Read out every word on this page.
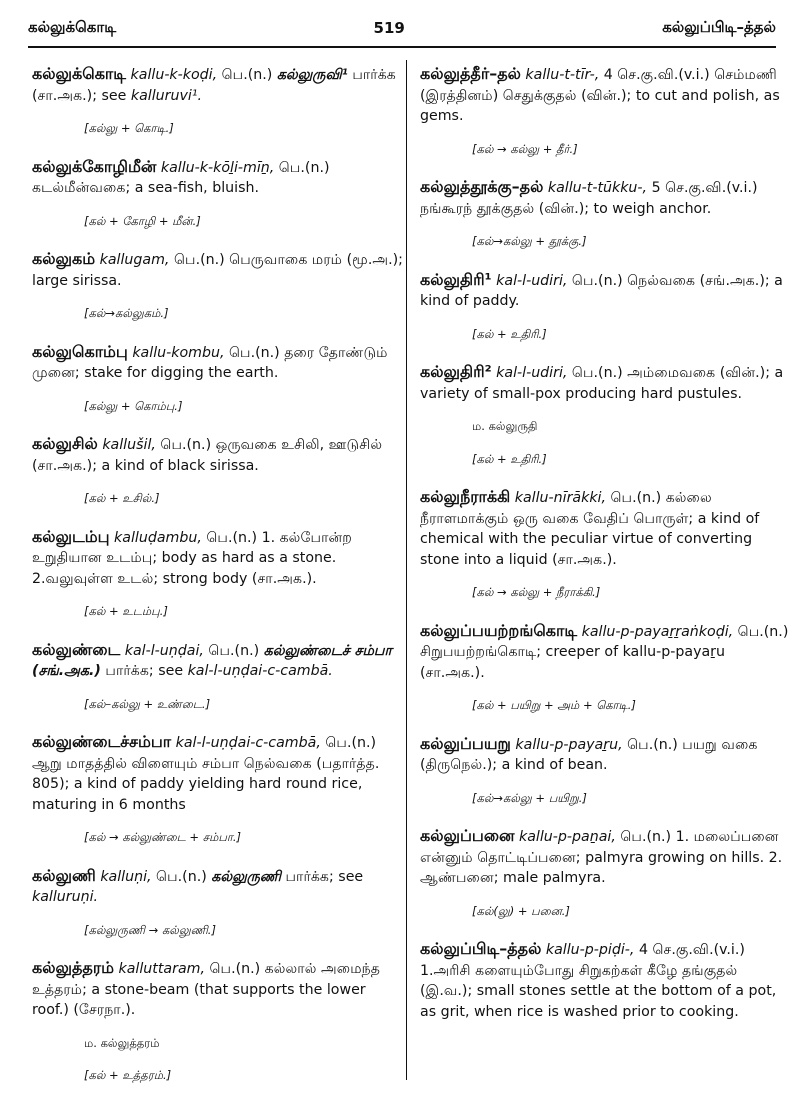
கல்லுக்கொடி	519	கல்லுப்பிடி–த்தல்

கல்லுக்கொடி kallu-k-koḍi, பெ.(n.) கல்லுருவி¹ பார்க்க (சா.அக.); see kalluruvi¹.

[கல்லு + கொடி.]

கல்லுக்கோழிமீன் kallu-k-kōḻi-mīṉ, பெ.(n.) கடல்மீன்வகை; a sea-fish, bluish.

[கல் + கோழி + மீன்.]

கல்லுகம் kallugam, பெ.(n.) பெருவாகை மரம் (மூ.அ.); large sirissa.

[கல்→கல்லுகம்.]

கல்லுகொம்பு kallu-kombu, பெ.(n.) தரை தோண்டும் முனை; stake for digging the earth.

[கல்லு + கொம்பு.]

கல்லுசில் kallušil, பெ.(n.) ஒருவகை உசிலி, ஊடுசில் (சா.அக.); a kind of black sirissa.

[கல் + உசில்.]

கல்லுடம்பு kalluḍambu, பெ.(n.) 1. கல்போன்ற உறுதியான உடம்பு; body as hard as a stone. 2.வலுவுள்ள உடல்; strong body (சா.அக.).

[கல் + உடம்பு.]

கல்லுண்டை kal-l-uṇḍai, பெ.(n.) கல்லுண்டைச் சம்பா (சங்.அக.) பார்க்க; see kal-l-uṇḍai-c-cambā.

[கல்–கல்லு + உண்டை.]

கல்லுண்டைச்சம்பா kal-l-uṇḍai-c-cambā, பெ.(n.) ஆறு மாதத்தில் விளையும் சம்பா நெல்வகை (பதார்த்த. 805); a kind of paddy yielding hard round rice, maturing in 6 months

[கல் → கல்லுண்டை + சம்பா.]

கல்லுணி kalluṇi, பெ.(n.) கல்லுருணி பார்க்க; see kalluruṇi.

[கல்லுருணி → கல்லுணி.]

கல்லுத்தரம் kalluttaram, பெ.(n.) கல்லால் அமைந்த உத்தரம்; a stone-beam (that supports the lower roof.) (சேரநா.).

ம. கல்லுத்தரம்
[கல் + உத்தரம்.]

கல்லுத்தீர்–தல் kallu-t-tīr-, 4 செ.கு.வி.(v.i.) செம்மணி (இரத்தினம்) செதுக்குதல் (வின்.); to cut and polish, as gems.

[கல் → கல்லு + தீர்.]

கல்லுத்தூக்கு–தல் kallu-t-tūkku-, 5 செ.கு.வி.(v.i.) நங்கூரந் தூக்குதல் (வின்.); to weigh anchor.

[கல்→கல்லு + தூக்கு.]

கல்லுதிரி¹ kal-l-udiri, பெ.(n.) நெல்வகை (சங்.அக.); a kind of paddy.

[கல் + உதிரி.]

கல்லுதிரி² kal-l-udiri, பெ.(n.) அம்மைவகை (வின்.); a variety of small-pox producing hard pustules.

ம. கல்லுருதி
[கல் + உதிரி.]

கல்லுநீராக்கி kallu-nīrākki, பெ.(n.) கல்லை நீராளமாக்கும் ஒரு வகை வேதிப் பொருள்; a kind of chemical with the peculiar virtue of converting stone into a liquid (சா.அக.).

[கல் → கல்லு + நீராக்கி.]

கல்லுப்பயற்றங்கொடி kallu-p-payaṟṟaṅkoḍi, பெ.(n.) சிறுபயற்றங்கொடி; creeper of kallu-p-payaṟu (சா.அக.).

[கல் + பயிறு + அம் + கொடி.]

கல்லுப்பயறு kallu-p-payaṟu, பெ.(n.) பயறு வகை (திருநெல்.); a kind of bean.

[கல்→கல்லு + பயிறு.]

கல்லுப்பனை kallu-p-paṉai, பெ.(n.) 1. மலைப்பனை என்னும் தொட்டிப்பனை; palmyra growing on hills. 2. ஆண்பனை; male palmyra.

[கல்(லு) + பனை.]

கல்லுப்பிடி–த்தல் kallu-p-piḍi-, 4 செ.கு.வி.(v.i.) 1.அரிசி களையும்போது சிறுகற்கள் கீழே தங்குதல் (இ.வ.); small stones settle at the bottom of a pot, as grit, when rice is washed prior to cooking.
